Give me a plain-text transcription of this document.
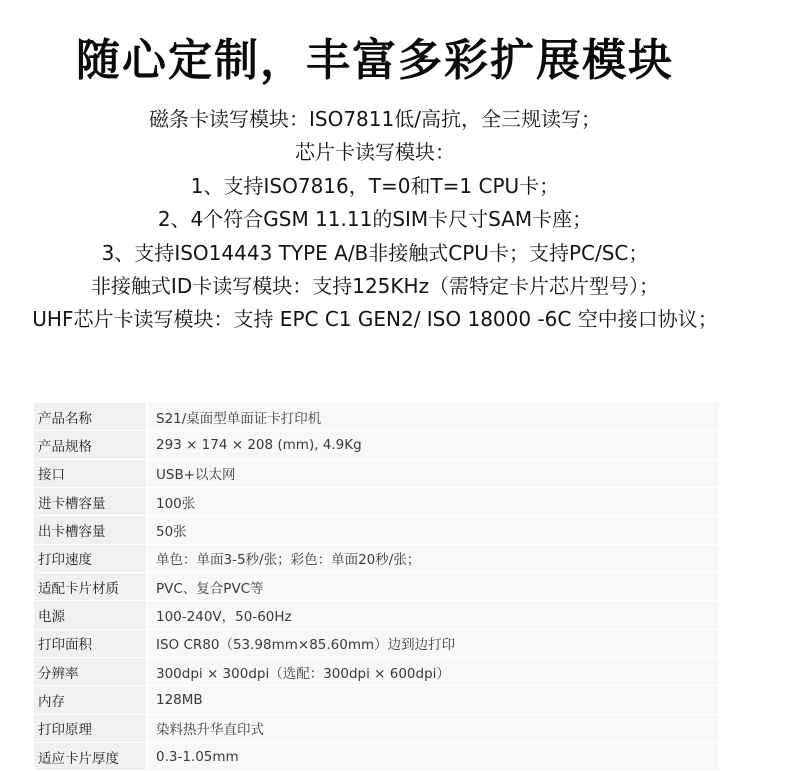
随心定制，丰富多彩扩展模块
磁条卡读写模块：ISO7811低/高抗，全三规读写；
芯片卡读写模块：
1、支持ISO7816，T=0和T=1 CPU卡；
2、4个符合GSM 11.11的SIM卡尺寸SAM卡座；
3、支持ISO14443 TYPE A/B非接触式CPU卡；支持PC/SC；
非接触式ID卡读写模块：支持125KHz（需特定卡片芯片型号）；
UHF芯片卡读写模块：支持 EPC C1 GEN2/ ISO 18000 -6C 空中接口协议；
产品名称	S21/桌面型单面证卡打印机
产品规格	293 × 174 × 208 (mm), 4.9Kg
接口	USB+以太网
进卡槽容量	100张
出卡槽容量	50张
打印速度	单色：单面3-5秒/张；彩色：单面20秒/张；
适配卡片材质	PVC、复合PVC等
电源	100-240V，50-60Hz
打印面积	ISO CR80（53.98mm×85.60mm）边到边打印
分辨率	300dpi × 300dpi（选配：300dpi × 600dpi）
内存	128MB
打印原理	染料热升华直印式
适应卡片厚度	0.3-1.05mm
